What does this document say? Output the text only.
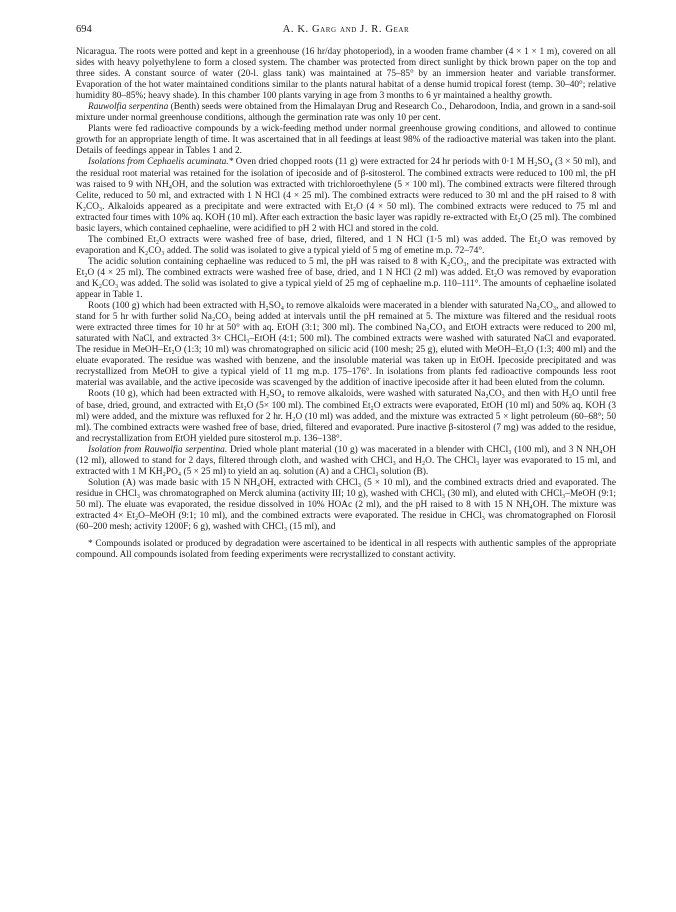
694	A. K. Garg and J. R. Gear

Nicaragua. The roots were potted and kept in a greenhouse (16 hr/day photoperiod), in a wooden frame chamber (4 × 1 × 1 m), covered on all sides with heavy polyethylene to form a closed system. The chamber was protected from direct sunlight by thick brown paper on the top and three sides. A constant source of water (20-l. glass tank) was maintained at 75–85° by an immersion heater and variable transformer. Evaporation of the hot water maintained conditions similar to the plants natural habitat of a dense humid tropical forest (temp. 30–40°; relative humidity 80–85%; heavy shade). In this chamber 100 plants varying in age from 3 months to 6 yr maintained a healthy growth.

Rauwolfia serpentina (Benth) seeds were obtained from the Himalayan Drug and Research Co., Deharodoon, India, and grown in a sand-soil mixture under normal greenhouse conditions, although the germination rate was only 10 per cent.

Plants were fed radioactive compounds by a wick-feeding method under normal greenhouse growing conditions, and allowed to continue growth for an appropriate length of time. It was ascertained that in all feedings at least 98% of the radioactive material was taken into the plant. Details of feedings appear in Tables 1 and 2.

Isolations from Cephaelis acuminata.* Oven dried chopped roots (11 g) were extracted for 24 hr periods with 0·1 M H₂SO₄ (3 × 50 ml), and the residual root material was retained for the isolation of ipecoside and of β-sitosterol. The combined extracts were reduced to 100 ml, the pH was raised to 9 with NH₄OH, and the solution was extracted with trichloroethylene (5 × 100 ml). The combined extracts were filtered through Celite, reduced to 50 ml, and extracted with 1 N HCl (4 × 25 ml). The combined extracts were reduced to 30 ml and the pH raised to 8 with K₂CO₃. Alkaloids appeared as a precipitate and were extracted with Et₂O (4 × 50 ml). The combined extracts were reduced to 75 ml and extracted four times with 10% aq. KOH (10 ml). After each extraction the basic layer was rapidly re-extracted with Et₂O (25 ml). The combined basic layers, which contained cephaeline, were acidified to pH 2 with HCl and stored in the cold.

The combined Et₂O extracts were washed free of base, dried, filtered, and 1 N HCl (1·5 ml) was added. The Et₂O was removed by evaporation and K₂CO₃ added. The solid was isolated to give a typical yield of 5 mg of emetine m.p. 72–74°.

The acidic solution containing cephaeline was reduced to 5 ml, the pH was raised to 8 with K₂CO₃, and the precipitate was extracted with Et₂O (4 × 25 ml). The combined extracts were washed free of base, dried, and 1 N HCl (2 ml) was added. Et₂O was removed by evaporation and K₂CO₃ was added. The solid was isolated to give a typical yield of 25 mg of cephaeline m.p. 110–111°. The amounts of cephaeline isolated appear in Table 1.

Roots (100 g) which had been extracted with H₂SO₄ to remove alkaloids were macerated in a blender with saturated Na₂CO₃, and allowed to stand for 5 hr with further solid Na₂CO₃ being added at intervals until the pH remained at 5. The mixture was filtered and the residual roots were extracted three times for 10 hr at 50° with aq. EtOH (3:1; 300 ml). The combined Na₂CO₃ and EtOH extracts were reduced to 200 ml, saturated with NaCl, and extracted 3× CHCl₃–EtOH (4:1; 500 ml). The combined extracts were washed with saturated NaCl and evaporated. The residue in MeOH–Et₂O (1:3; 10 ml) was chromatographed on silicic acid (100 mesh; 25 g), eluted with MeOH–Et₂O (1:3; 400 ml) and the eluate evaporated. The residue was washed with benzene, and the insoluble material was taken up in EtOH. Ipecoside precipitated and was recrystallized from MeOH to give a typical yield of 11 mg m.p. 175–176°. In isolations from plants fed radioactive compounds less root material was available, and the active ipecoside was scavenged by the addition of inactive ipecoside after it had been eluted from the column.

Roots (10 g), which had been extracted with H₂SO₄ to remove alkaloids, were washed with saturated Na₂CO₃ and then with H₂O until free of base, dried, ground, and extracted with Et₂O (5× 100 ml). The combined Et₂O extracts were evaporated, EtOH (10 ml) and 50% aq. KOH (3 ml) were added, and the mixture was refluxed for 2 hr. H₂O (10 ml) was added, and the mixture was extracted 5 × light petroleum (60–68°; 50 ml). The combined extracts were washed free of base, dried, filtered and evaporated. Pure inactive β-sitosterol (7 mg) was added to the residue, and recrystallization from EtOH yielded pure sitosterol m.p. 136–138°.

Isolation from Rauwolfia serpentina. Dried whole plant material (10 g) was macerated in a blender with CHCl₃ (100 ml), and 3 N NH₄OH (12 ml), allowed to stand for 2 days, filtered through cloth, and washed with CHCl₃ and H₂O. The CHCl₃ layer was evaporated to 15 ml, and extracted with 1 M KH₂PO₄ (5 × 25 ml) to yield an aq. solution (A) and a CHCl₃ solution (B).

Solution (A) was made basic with 15 N NH₄OH, extracted with CHCl₃ (5 × 10 ml), and the combined extracts dried and evaporated. The residue in CHCl₃ was chromatographed on Merck alumina (activity III; 10 g), washed with CHCl₃ (30 ml), and eluted with CHCl₃–MeOH (9:1; 50 ml). The eluate was evaporated, the residue dissolved in 10% HOAc (2 ml), and the pH raised to 8 with 15 N NH₄OH. The mixture was extracted 4× Et₂O–MeOH (9:1; 10 ml), and the combined extracts were evaporated. The residue in CHCl₃ was chromatographed on Florosil (60–200 mesh; activity 1200F; 6 g), washed with CHCl₃ (15 ml), and

* Compounds isolated or produced by degradation were ascertained to be identical in all respects with authentic samples of the appropriate compound. All compounds isolated from feeding experiments were recrystallized to constant activity.
